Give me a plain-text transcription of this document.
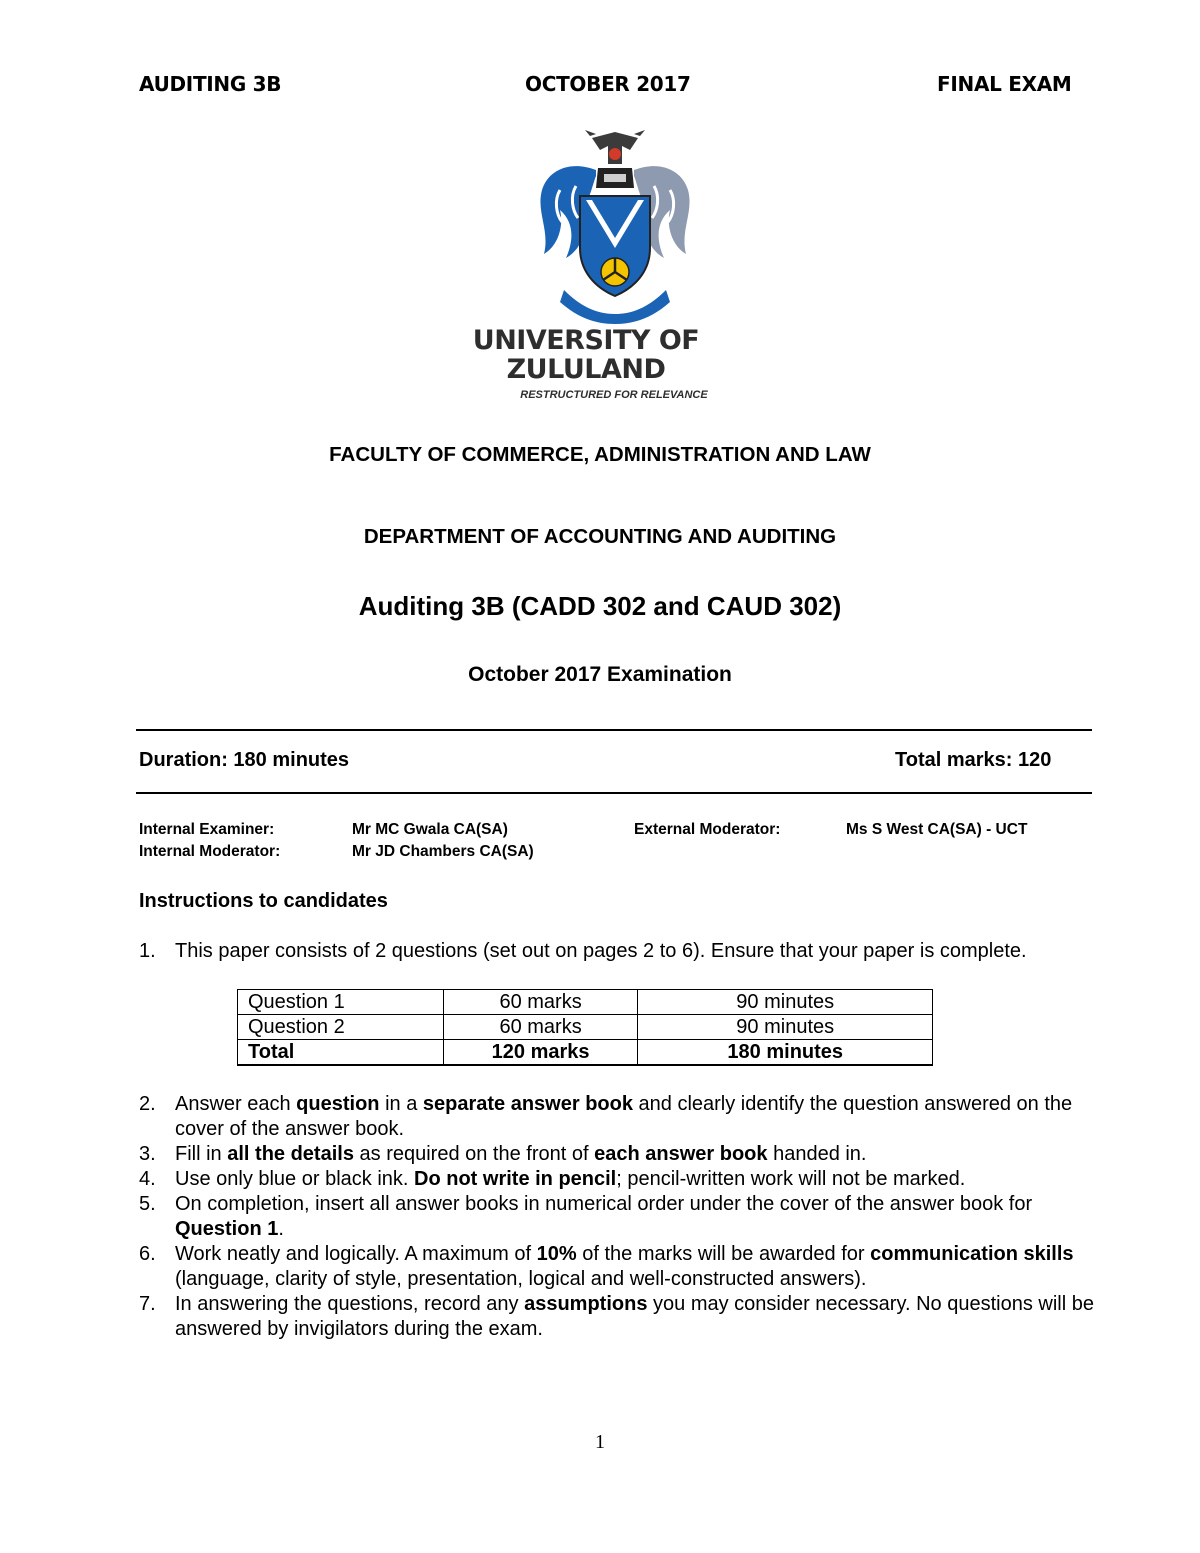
AUDITING 3B	OCTOBER 2017	FINAL EXAM
UNIVERSITY OF
ZULULAND
RESTRUCTURED FOR RELEVANCE
FACULTY OF COMMERCE, ADMINISTRATION AND LAW
DEPARTMENT OF ACCOUNTING AND AUDITING
Auditing 3B (CADD 302 and CAUD 302)
October 2017 Examination
Duration: 180 minutes	Total marks: 120
Internal Examiner:	Mr MC Gwala CA(SA)	External Moderator:	Ms S West CA(SA) - UCT
Internal Moderator:	Mr JD Chambers CA(SA)
Instructions to candidates
1. This paper consists of 2 questions (set out on pages 2 to 6). Ensure that your paper is complete.
Question 1	60 marks	90 minutes
Question 2	60 marks	90 minutes
Total	120 marks	180 minutes
2. Answer each question in a separate answer book and clearly identify the question answered on the cover of the answer book.
3. Fill in all the details as required on the front of each answer book handed in.
4. Use only blue or black ink. Do not write in pencil; pencil-written work will not be marked.
5. On completion, insert all answer books in numerical order under the cover of the answer book for Question 1.
6. Work neatly and logically. A maximum of 10% of the marks will be awarded for communication skills (language, clarity of style, presentation, logical and well-constructed answers).
7. In answering the questions, record any assumptions you may consider necessary. No questions will be answered by invigilators during the exam.
1
